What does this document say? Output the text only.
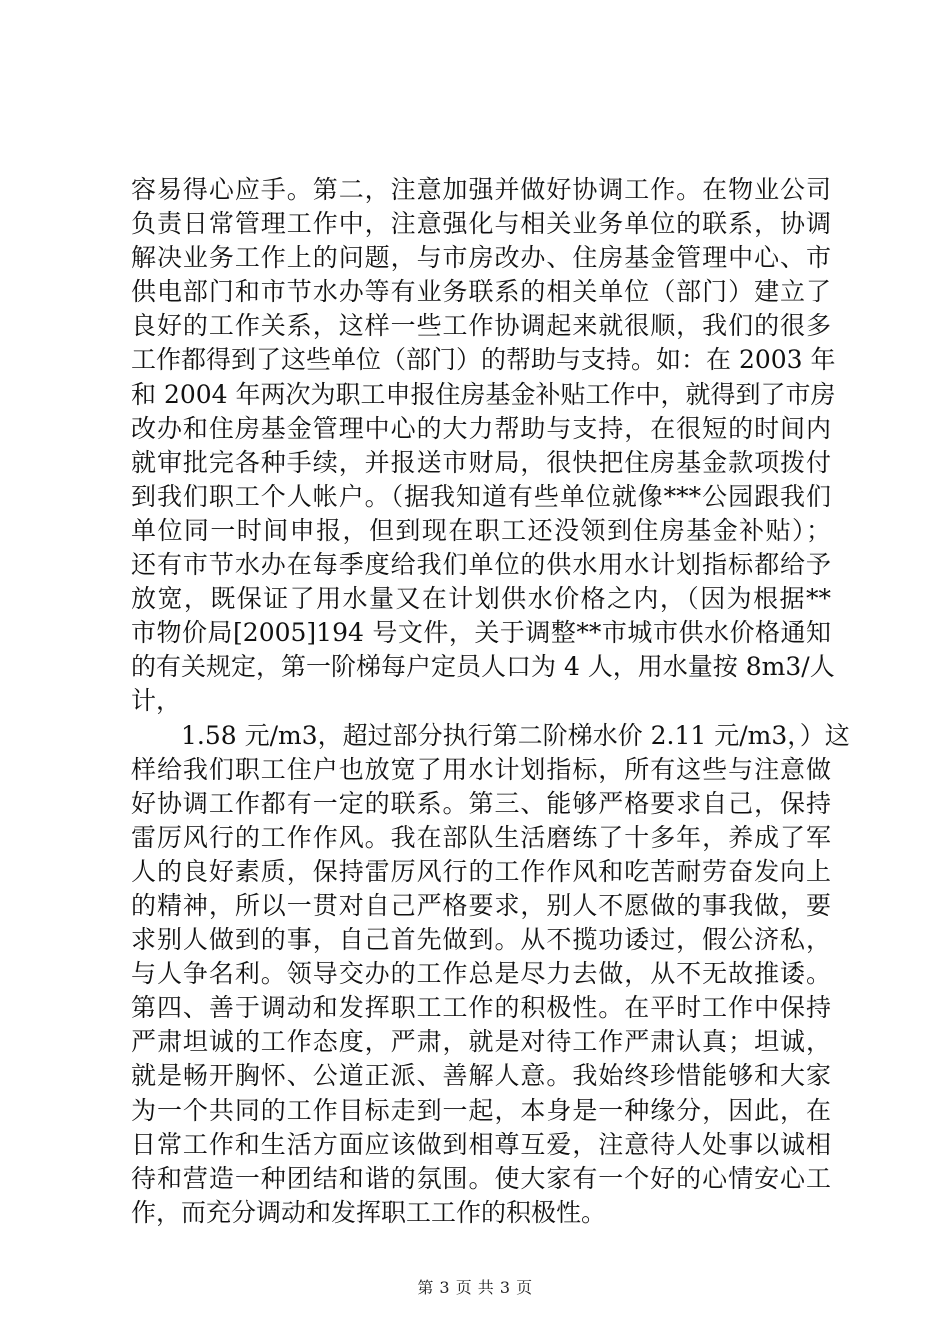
容易得心应手。第二，注意加强并做好协调工作。在物业公司
负责日常管理工作中，注意强化与相关业务单位的联系，协调
解决业务工作上的问题，与市房改办、住房基金管理中心、市
供电部门和市节水办等有业务联系的相关单位（部门）建立了
良好的工作关系，这样一些工作协调起来就很顺，我们的很多
工作都得到了这些单位（部门）的帮助与支持。如：在 2003 年
和 2004 年两次为职工申报住房基金补贴工作中，就得到了市房
改办和住房基金管理中心的大力帮助与支持，在很短的时间内
就审批完各种手续，并报送市财局，很快把住房基金款项拨付
到我们职工个人帐户。（据我知道有些单位就像***公园跟我们
单位同一时间申报，但到现在职工还没领到住房基金补贴）；
还有市节水办在每季度给我们单位的供水用水计划指标都给予
放宽，既保证了用水量又在计划供水价格之内，（因为根据**
市物价局[2005]194 号文件，关于调整**市城市供水价格通知
的有关规定，第一阶梯每户定员人口为 4 人，用水量按 8m3/人
计，
1.58 元/m3，超过部分执行第二阶梯水价 2.11 元/m3，）这
样给我们职工住户也放宽了用水计划指标，所有这些与注意做
好协调工作都有一定的联系。第三、能够严格要求自己，保持
雷厉风行的工作作风。我在部队生活磨练了十多年，养成了军
人的良好素质，保持雷厉风行的工作作风和吃苦耐劳奋发向上
的精神，所以一贯对自己严格要求，别人不愿做的事我做，要
求别人做到的事，自己首先做到。从不揽功诿过，假公济私，
与人争名利。领导交办的工作总是尽力去做，从不无故推诿。
第四、善于调动和发挥职工工作的积极性。在平时工作中保持
严肃坦诚的工作态度，严肃，就是对待工作严肃认真；坦诚，
就是畅开胸怀、公道正派、善解人意。我始终珍惜能够和大家
为一个共同的工作目标走到一起，本身是一种缘分，因此，在
日常工作和生活方面应该做到相尊互爱，注意待人处事以诚相
待和营造一种团结和谐的氛围。使大家有一个好的心情安心工
作，而充分调动和发挥职工工作的积极性。
第 3 页 共 3 页
